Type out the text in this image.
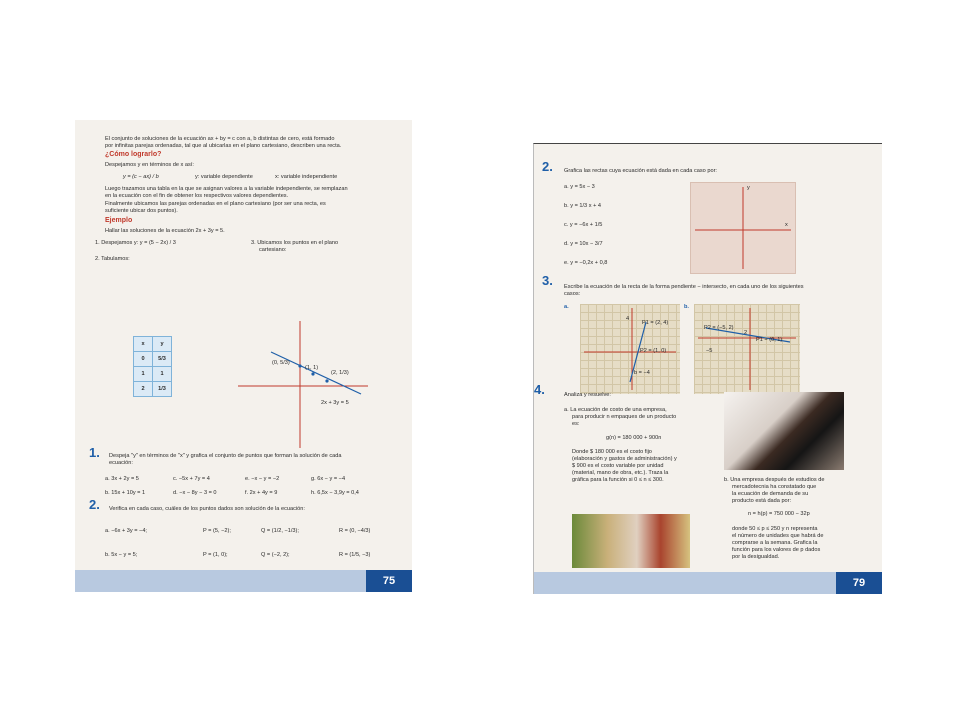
El conjunto de soluciones de la ecuación ax + by = c con a, b distintas de cero, está formado
por infinitas parejas ordenadas, tal que al ubicarlas en el plano cartesiano, describen una recta.
¿Cómo lograrlo?
Despejamos y en términos de x así:
y = (c − ax) / b	y: variable dependiente	x: variable independiente
Luego trazamos una tabla en la que se asignan valores a la variable independiente, se remplazan
en la ecuación con el fin de obtener los respectivos valores dependientes.
Finalmente ubicamos las parejas ordenadas en el plano cartesiano (por ser una recta, es
suficiente ubicar dos puntos).
Ejemplo
Hallar las soluciones de la ecuación 2x + 3y = 5.
1. Despejamos y: y = (5 − 2x) / 3	3. Ubicamos los puntos en el plano
cartesiano:
2. Tabulamos:
x	y
0	5/3
1	1
2	1/3
(0, 5/3)
(1, 1)
(2, 1/3)
2x + 3y = 5
1. Despeja "y" en términos de "x" y grafica el conjunto de puntos que forman la solución de cada
ecuación:
a. 3x + 2y = 5	c. −5x + 7y = 4	e. −x − y = −2	g. 6x − y = −4
b. 15x + 10y = 1	d. −x − 8y − 3 = 0	f. 2x + 4y = 9	h. 6,5x − 3,9y = 0,4
2. Verifica en cada caso, cuáles de los puntos dados son solución de la ecuación:
a. −6x + 3y = −4;	P = (5, −2);	Q = (1/2, −1/3);	R = (0, −4/3)
b. 5x − y = 5;	P = (1, 0);	Q = (−2, 2);	R = (1/5, −3)
75
2. Grafica las rectas cuya ecuación está dada en cada caso por:
a. y = 5x − 3
b. y = 1/3 x + 4
c. y = −6x + 1/5
d. y = 10x − 3/7
e. y = −0,2x + 0,8
y
x
3. Escribe la ecuación de la recta de la forma pendiente − intersecto, en cada uno de los siguientes
casos:
a.	b.
P1 = (2, 4)
P2 = (1, 0)
b = −4
4
P2 = (−5, 2)
P1 = (0, 1)
−5
2
4.	Analiza y resuelve:
a. La ecuación de costo de una empresa,
para producir n empaques de un producto
es:
g(n) = 180 000 + 900n
Donde $ 180 000 es el costo fijo
(elaboración y gastos de administración) y
$ 900 es el costo variable por unidad
(material, mano de obra, etc.). Traza la
gráfica para la función si 0 ≤ n ≤ 300.	b. Una empresa después de estudios de
mercadotecnia ha constatado que
la ecuación de demanda de su
producto está dada por:
n = h(p) = 750 000 − 32p
donde 50 ≤ p ≤ 250 y n representa
el número de unidades que habrá de
comprarse a la semana. Grafica la
función para los valores de p dados
por la desigualdad.
79
